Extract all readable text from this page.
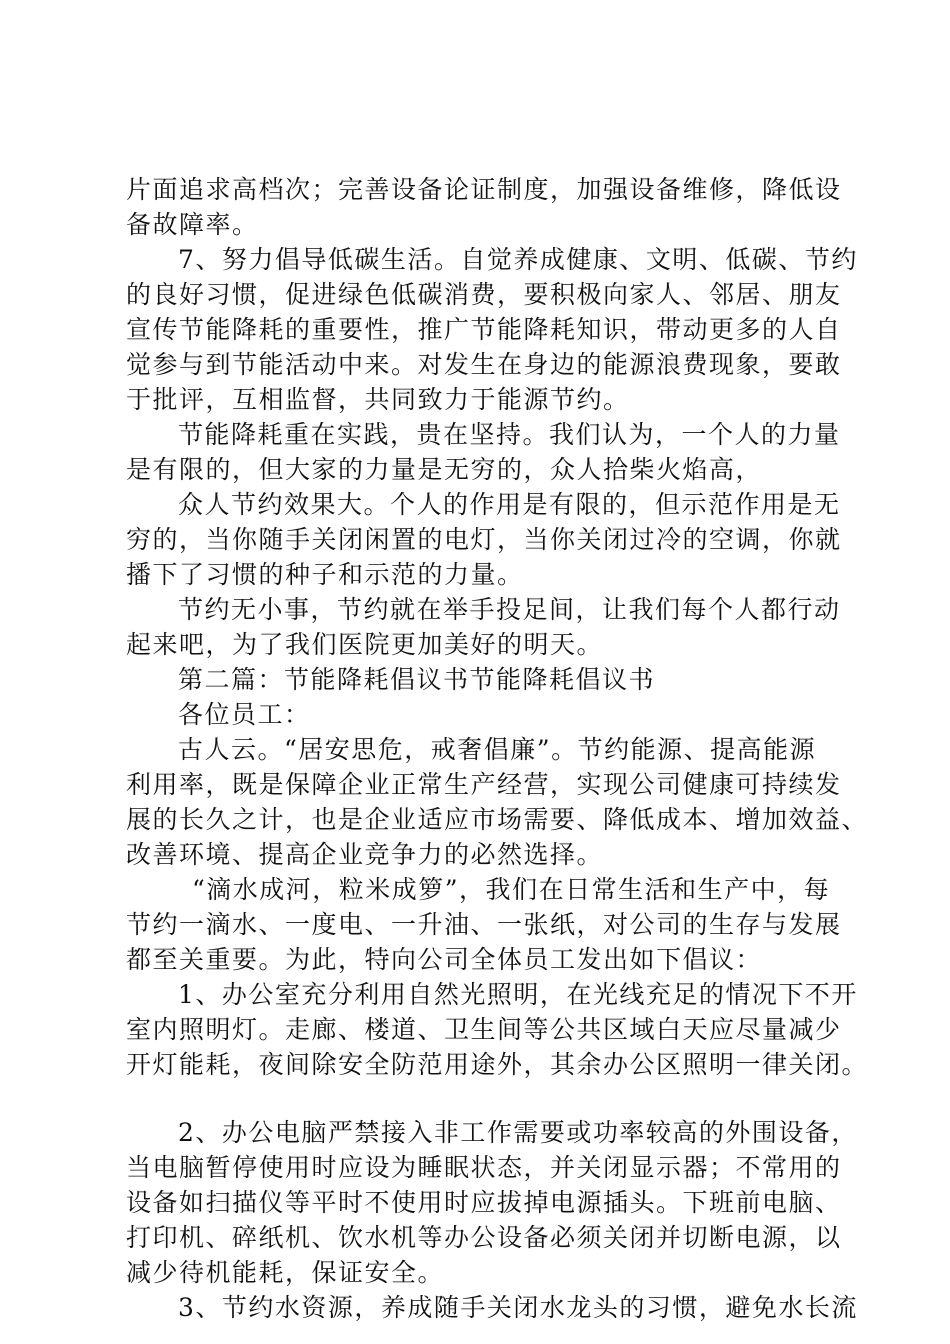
片面追求高档次；完善设备论证制度，加强设备维修，降低设
备故障率。
7、努力倡导低碳生活。自觉养成健康、文明、低碳、节约
的良好习惯，促进绿色低碳消费，要积极向家人、邻居、朋友
宣传节能降耗的重要性，推广节能降耗知识，带动更多的人自
觉参与到节能活动中来。对发生在身边的能源浪费现象，要敢
于批评，互相监督，共同致力于能源节约。
节能降耗重在实践，贵在坚持。我们认为，一个人的力量
是有限的，但大家的力量是无穷的，众人拾柴火焰高，
众人节约效果大。个人的作用是有限的，但示范作用是无
穷的，当你随手关闭闲置的电灯，当你关闭过冷的空调，你就
播下了习惯的种子和示范的力量。
节约无小事，节约就在举手投足间，让我们每个人都行动
起来吧，为了我们医院更加美好的明天。
第二篇：节能降耗倡议书节能降耗倡议书
各位员工：
古人云。“居安思危，戒奢倡廉”。节约能源、提高能源
利用率，既是保障企业正常生产经营，实现公司健康可持续发
展的长久之计，也是企业适应市场需要、降低成本、增加效益、
改善环境、提高企业竞争力的必然选择。
“滴水成河，粒米成箩”，我们在日常生活和生产中，每
节约一滴水、一度电、一升油、一张纸，对公司的生存与发展
都至关重要。为此，特向公司全体员工发出如下倡议：
1、办公室充分利用自然光照明，在光线充足的情况下不开
室内照明灯。走廊、楼道、卫生间等公共区域白天应尽量减少
开灯能耗，夜间除安全防范用途外，其余办公区照明一律关闭。
2、办公电脑严禁接入非工作需要或功率较高的外围设备，
当电脑暂停使用时应设为睡眠状态，并关闭显示器；不常用的
设备如扫描仪等平时不使用时应拔掉电源插头。下班前电脑、
打印机、碎纸机、饮水机等办公设备必须关闭并切断电源，以
减少待机能耗，保证安全。
3、节约水资源，养成随手关闭水龙头的习惯，避免水长流
